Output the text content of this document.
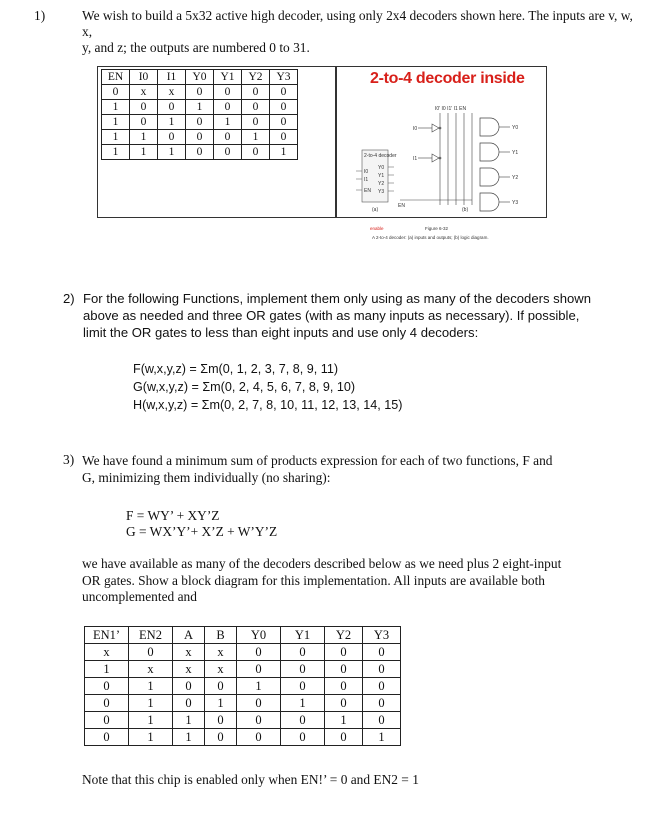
1)	We wish to build a 5x32 active high decoder, using only 2x4 decoders shown here. The inputs are v, w, x,
y, and z; the outputs are numbered 0 to 31.
EN	I0	I1	Y0	Y1	Y2	Y3
0	x	x	0	0	0	0
1	0	0	1	0	0	0
1	0	1	0	1	0	0
1	1	0	0	0	1	0
1	1	1	0	0	0	1
2-to-4 decoder inside
I0' I0 I1' I1 EN
I0
I1
EN
Y0
Y1
Y2
Y3
2-to-4 decoder
I0
I1
EN
Y0
Y1
Y2
Y3
(a)	(b)
enable	Figure 6-32
A 2-to-4 decoder: (a) inputs and outputs; (b) logic diagram.
2) For the following Functions, implement them only using as many of the decoders shown
above as needed and three OR gates (with as many inputs as necessary). If possible,
limit the OR gates to less than eight inputs and use only 4 decoders:
F(w,x,y,z) = Σm(0, 1, 2, 3, 7, 8, 9, 11)
G(w,x,y,z) = Σm(0, 2, 4, 5, 6, 7, 8, 9, 10)
H(w,x,y,z) = Σm(0, 2, 7, 8, 10, 11, 12, 13, 14, 15)
3) We have found a minimum sum of products expression for each of two functions, F and
G, minimizing them individually (no sharing):
F = WY’ + XY’Z
G = WX’Y’+ X’Z + W’Y’Z
we have available as many of the decoders described below as we need plus 2 eight-input
OR gates. Show a block diagram for this implementation. All inputs are available both
uncomplemented and
EN1’	EN2	A	B	Y0	Y1	Y2	Y3
x	0	x	x	0	0	0	0
1	x	x	x	0	0	0	0
0	1	0	0	1	0	0	0
0	1	0	1	0	1	0	0
0	1	1	0	0	0	1	0
0	1	1	0	0	0	0	1
Note that this chip is enabled only when EN!’ = 0 and EN2 = 1
